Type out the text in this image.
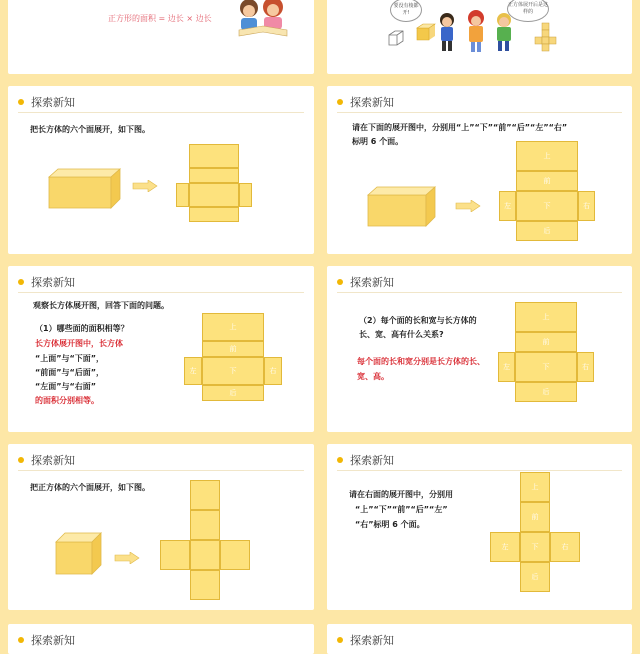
正方形的面积 = 边长 × 边长
要没有棱都开!
正方体展开后是这样的
探索新知
把长方体的六个面展开，如下图。
探索新知
请在下面的展开图中，分别用“上”“下”“前”“后”“左”“右”
标明 6 个面。
上
前
左	下	右
后
探索新知
观察长方体展开图，回答下面的问题。
（1）哪些面的面积相等？
长方体展开图中，长方体
“上面”与“下面”，
“前面”与“后面”，
“左面”与“右面”
的面积分别相等。
上
前
左	下	右
后
探索新知
（2）每个面的长和宽与长方体的
长、宽、高有什么关系?
每个面的长和宽分别是长方体的长、
宽、高。
上
前
左	下	右
后
探索新知
把正方体的六个面展开，如下图。
探索新知
请在右面的展开图中，分别用
“上”“下”“前”“后”“左”
“右”标明 6 个面。
上
前
左	下	右
后
探索新知	探索新知
